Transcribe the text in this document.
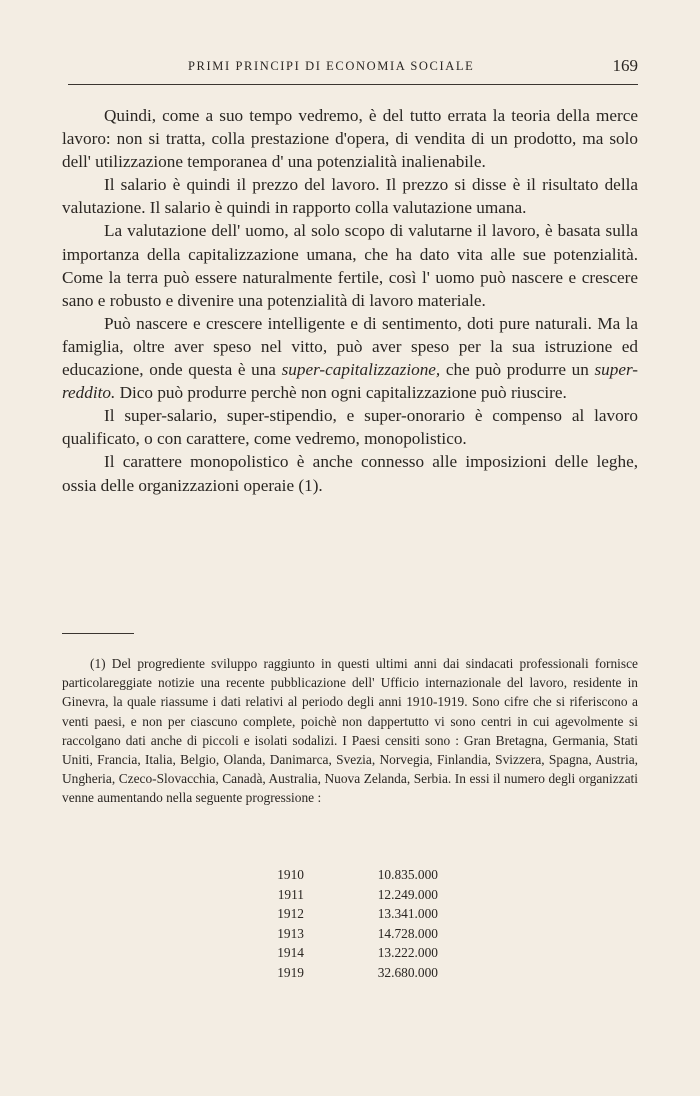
PRIMI PRINCIPI DI ECONOMIA SOCIALE	169

Quindi, come a suo tempo vedremo, è del tutto errata la teoria della merce lavoro: non si tratta, colla prestazione d'opera, di vendita di un prodotto, ma solo dell' utilizzazione temporanea d' una potenzialità inalienabile.

Il salario è quindi il prezzo del lavoro. Il prezzo si disse è il risultato della valutazione. Il salario è quindi in rapporto colla valutazione umana.

La valutazione dell' uomo, al solo scopo di valutarne il lavoro, è basata sulla importanza della capitalizzazione umana, che ha dato vita alle sue potenzialità. Come la terra può essere naturalmente fertile, così l' uomo può nascere e crescere sano e robusto e divenire una potenzialità di lavoro materiale.

Può nascere e crescere intelligente e di sentimento, doti pure naturali. Ma la famiglia, oltre aver speso nel vitto, può aver speso per la sua istruzione ed educazione, onde questa è una super-capitalizzazione, che può produrre un super-reddito. Dico può produrre perchè non ogni capitalizzazione può riuscire.

Il super-salario, super-stipendio, e super-onorario è compenso al lavoro qualificato, o con carattere, come vedremo, monopolistico.

Il carattere monopolistico è anche connesso alle imposizioni delle leghe, ossia delle organizzazioni operaie (1).

(1) Del progrediente sviluppo raggiunto in questi ultimi anni dai sindacati professionali fornisce particolareggiate notizie una recente pubblicazione dell' Ufficio internazionale del lavoro, residente in Ginevra, la quale riassume i dati relativi al periodo degli anni 1910-1919. Sono cifre che si riferiscono a venti paesi, e non per ciascuno complete, poichè non dappertutto vi sono centri in cui agevolmente si raccolgano dati anche di piccoli e isolati sodalizi. I Paesi censiti sono : Gran Bretagna, Germania, Stati Uniti, Francia, Italia, Belgio, Olanda, Danimarca, Svezia, Norvegia, Finlandia, Svizzera, Spagna, Austria, Ungheria, Czeco-Slovacchia, Canadà, Australia, Nuova Zelanda, Serbia. In essi il numero degli organizzati venne aumentando nella seguente progressione :

1910	10.835.000
1911	12.249.000
1912	13.341.000
1913	14.728.000
1914	13.222.000
1919	32.680.000
